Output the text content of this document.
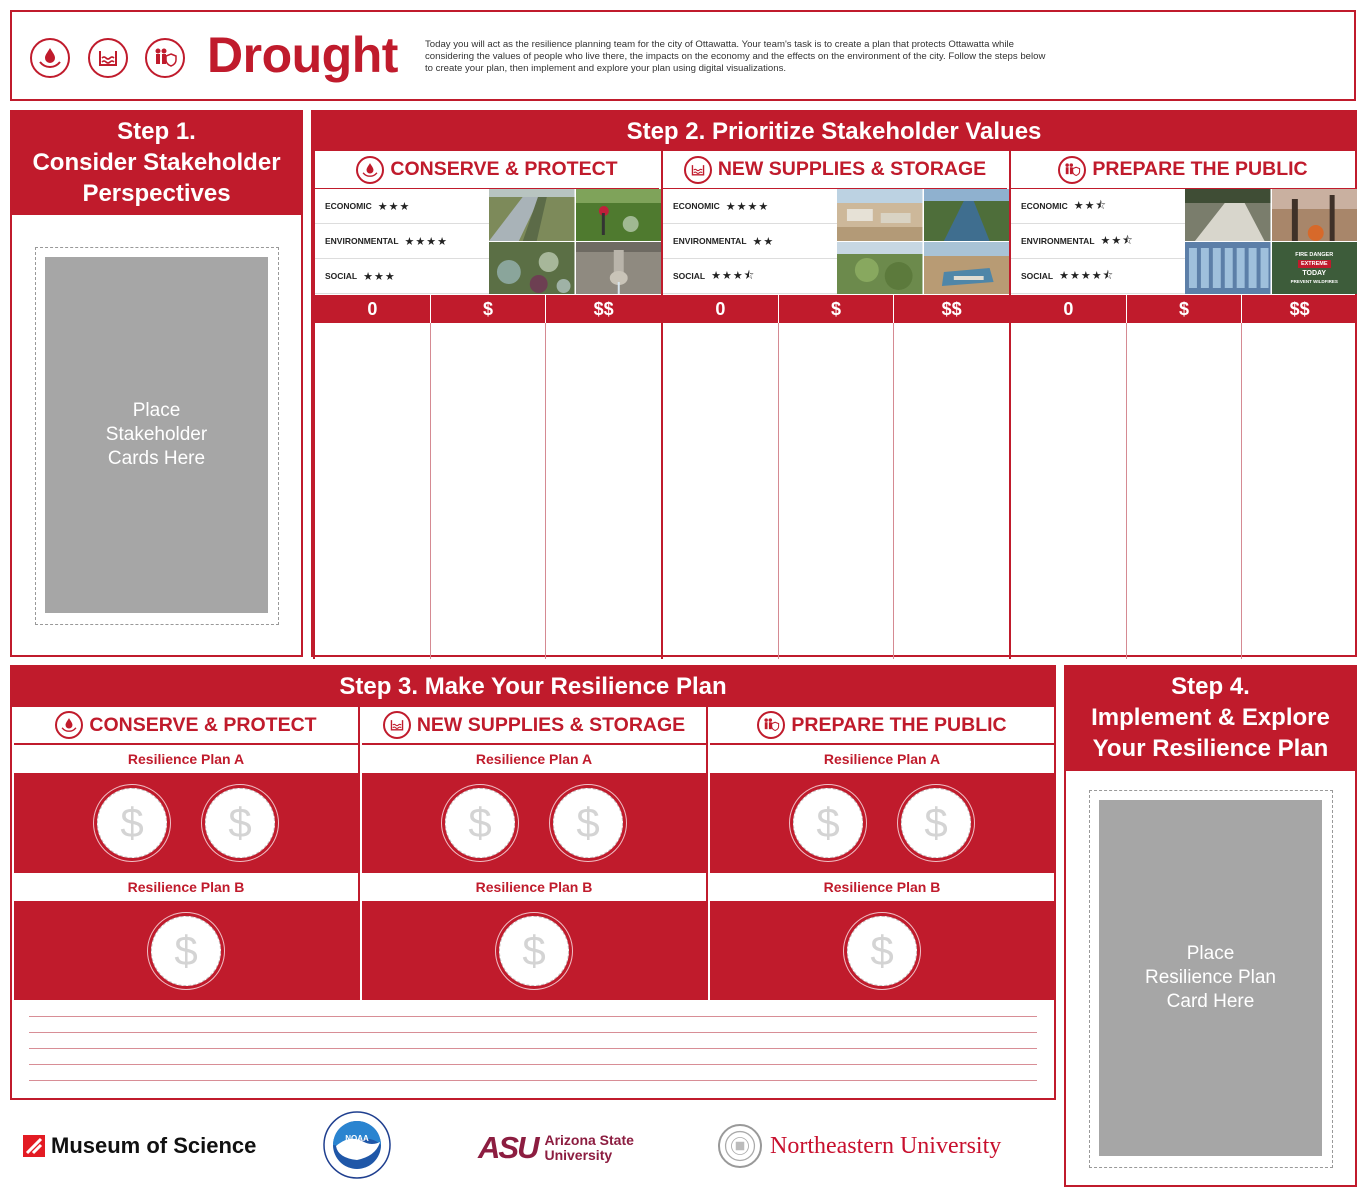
Drought	Today you will act as the resilience planning team for the city of Ottawatta. Your team's task is to create a plan that protects Ottawatta while considering the values of people who live there, the impacts on the economy and the effects on the environment of the city. Follow the steps below to create your plan, then implement and explore your plan using digital visualizations.
Step 1.
Consider Stakeholder
Perspectives
Place
Stakeholder
Cards Here
Step 2. Prioritize Stakeholder Values
CONSERVE & PROTECT
ECONOMIC ★★★
ENVIRONMENTAL ★★★★
SOCIAL ★★★
0	$	$$
NEW SUPPLIES & STORAGE
ECONOMIC ★★★★
ENVIRONMENTAL ★★
SOCIAL ★★★⯪
0	$	$$
PREPARE THE PUBLIC
ECONOMIC ★★⯪
ENVIRONMENTAL ★★⯪
SOCIAL ★★★★⯪
FIRE DANGER
EXTREME
TODAY
PREVENT WILDFIRES
0	$	$$
Step 3. Make Your Resilience Plan
CONSERVE & PROTECT
Resilience Plan A
$	$
Resilience Plan B
$
NEW SUPPLIES & STORAGE
Resilience Plan A
$	$
Resilience Plan B
$
PREPARE THE PUBLIC
Resilience Plan A
$	$
Resilience Plan B
$
Step 4.
Implement & Explore
Your Resilience Plan
Place
Resilience Plan
Card Here
Museum of Science	NOAA	ASU Arizona State
University	Northeastern University
